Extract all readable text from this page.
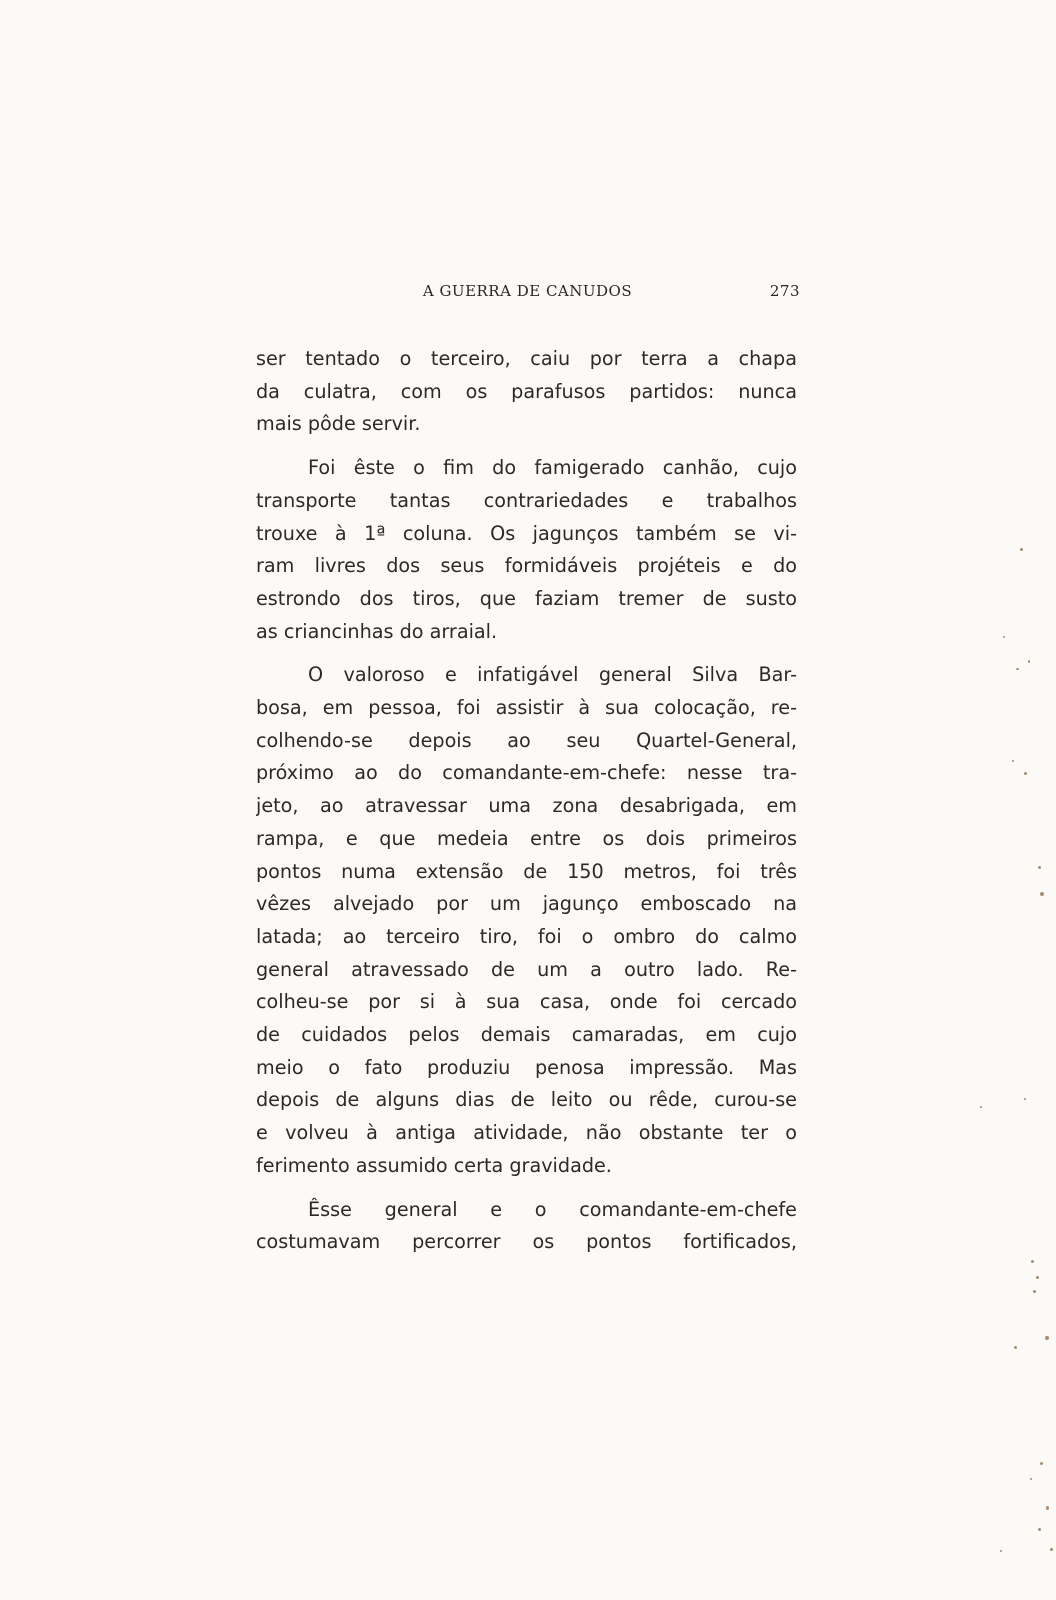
A GUERRA DE CANUDOS	273
ser tentado o terceiro, caiu por terra a chapa
da culatra, com os parafusos partidos: nunca
mais pôde servir.
Foi êste o fim do famigerado canhão, cujo
transporte tantas contrariedades e trabalhos
trouxe à 1ª coluna. Os jagunços também se vi-
ram livres dos seus formidáveis projéteis e do
estrondo dos tiros, que faziam tremer de susto
as criancinhas do arraial.
O valoroso e infatigável general Silva Bar-
bosa, em pessoa, foi assistir à sua colocação, re-
colhendo-se depois ao seu Quartel-General,
próximo ao do comandante-em-chefe: nesse tra-
jeto, ao atravessar uma zona desabrigada, em
rampa, e que medeia entre os dois primeiros
pontos numa extensão de 150 metros, foi três
vêzes alvejado por um jagunço emboscado na
latada; ao terceiro tiro, foi o ombro do calmo
general atravessado de um a outro lado. Re-
colheu-se por si à sua casa, onde foi cercado
de cuidados pelos demais camaradas, em cujo
meio o fato produziu penosa impressão. Mas
depois de alguns dias de leito ou rêde, curou-se
e volveu à antiga atividade, não obstante ter o
ferimento assumido certa gravidade.
Êsse general e o comandante-em-chefe
costumavam percorrer os pontos fortificados,
